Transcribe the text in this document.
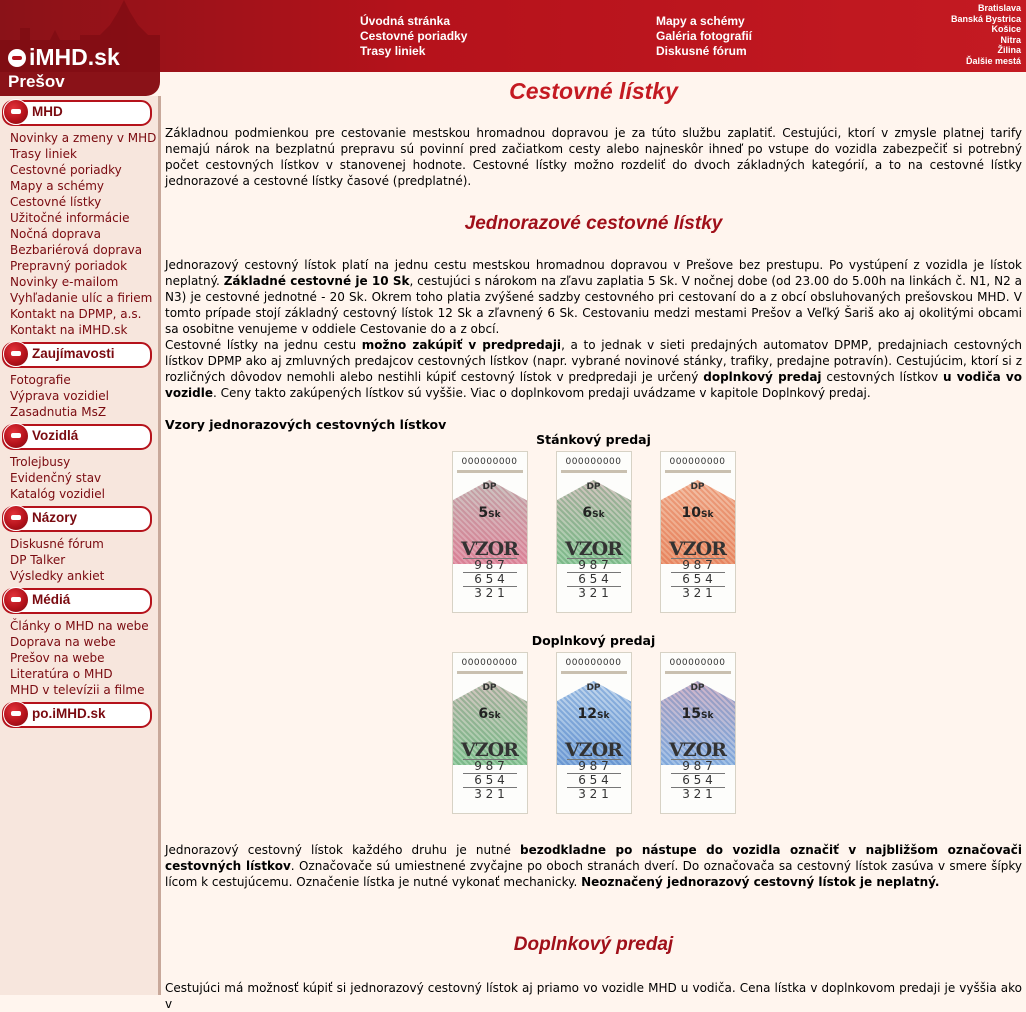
iMHD.sk
Úvodná stránka
Cestovné poriadky
Trasy liniek
Mapy a schémy
Galéria fotografií
Diskusné fórum
Bratislava
Banská Bystrica
Košice
Nitra
Žilina
Ďalšie mestá
Prešov
MHD
Novinky a zmeny v MHD
Trasy liniek
Cestovné poriadky
Mapy a schémy
Cestovné lístky
Užitočné informácie
Nočná doprava
Bezbariérová doprava
Prepravný poriadok
Novinky e-mailom
Vyhľadanie ulíc a firiem
Kontakt na DPMP, a.s.
Kontakt na iMHD.sk
Zaujímavosti
Fotografie
Výprava vozidiel
Zasadnutia MsZ
Vozidlá
Trolejbusy
Evidenčný stav
Katalóg vozidiel
Názory
Diskusné fórum
DP Talker
Výsledky ankiet
Médiá
Články o MHD na webe
Doprava na webe
Prešov na webe
Literatúra o MHD
MHD v televízii a filme
po.iMHD.sk
Cestovné lístky

Základnou podmienkou pre cestovanie mestskou hromadnou dopravou je za túto službu zaplatiť. Cestujúci, ktorí v zmysle platnej tarify nemajú nárok na bezplatnú prepravu sú povinní pred začiatkom cesty alebo najneskôr ihneď po vstupe do vozidla zabezpečiť si potrebný počet cestovných lístkov v stanovenej hodnote. Cestovné lístky možno rozdeliť do dvoch základných kategórií, a to na cestovné lístky jednorazové a cestovné lístky časové (predplatné).

Jednorazové cestovné lístky

Jednorazový cestovný lístok platí na jednu cestu mestskou hromadnou dopravou v Prešove bez prestupu. Po vystúpení z vozidla je lístok neplatný. Základné cestovné je 10 Sk, cestujúci s nárokom na zľavu zaplatia 5 Sk. V nočnej dobe (od 23.00 do 5.00h na linkách č. N1, N2 a N3) je cestovné jednotné - 20 Sk. Okrem toho platia zvýšené sadzby cestovného pri cestovaní do a z obcí obsluhovaných prešovskou MHD. V tomto prípade stojí základný cestovný lístok 12 Sk a zľavnený 6 Sk. Cestovaniu medzi mestami Prešov a Veľký Šariš ako aj okolitými obcami sa osobitne venujeme v oddiele Cestovanie do a z obcí.

Cestovné lístky na jednu cestu možno zakúpiť v predpredaji, a to jednak v sieti predajných automatov DPMP, predajniach cestovných lístkov DPMP ako aj zmluvných predajcov cestovných lístkov (napr. vybrané novinové stánky, trafiky, predajne potravín). Cestujúcim, ktorí si z rozličných dôvodov nemohli alebo nestihli kúpiť cestovný lístok v predpredaji je určený doplnkový predaj cestovných lístkov u vodiča vo vozidle. Ceny takto zakúpených lístkov sú vyššie. Viac o doplnkovom predaji uvádzame v kapitole Doplnkový predaj.

Vzory jednorazových cestovných lístkov
Stánkový predaj
000000000
DP
5Sk
VZOR
9 8 7
6 5 4
3 2 1
000000000
DP
6Sk
VZOR
9 8 7
6 5 4
3 2 1
000000000
DP
10Sk
VZOR
9 8 7
6 5 4
3 2 1
Doplnkový predaj
000000000
DP
6Sk
VZOR
9 8 7
6 5 4
3 2 1
000000000
DP
12Sk
VZOR
9 8 7
6 5 4
3 2 1
000000000
DP
15Sk
VZOR
9 8 7
6 5 4
3 2 1

Jednorazový cestovný lístok každého druhu je nutné bezodkladne po nástupe do vozidla označiť v najbližšom označovači cestovných lístkov. Označovače sú umiestnené zvyčajne po oboch stranách dverí. Do označovača sa cestovný lístok zasúva v smere šípky lícom k cestujúcemu. Označenie lístka je nutné vykonať mechanicky. Neoznačený jednorazový cestovný lístok je neplatný.

Doplnkový predaj

Cestujúci má možnosť kúpiť si jednorazový cestovný lístok aj priamo vo vozidle MHD u vodiča. Cena lístka v doplnkovom predaji je vyššia ako v
